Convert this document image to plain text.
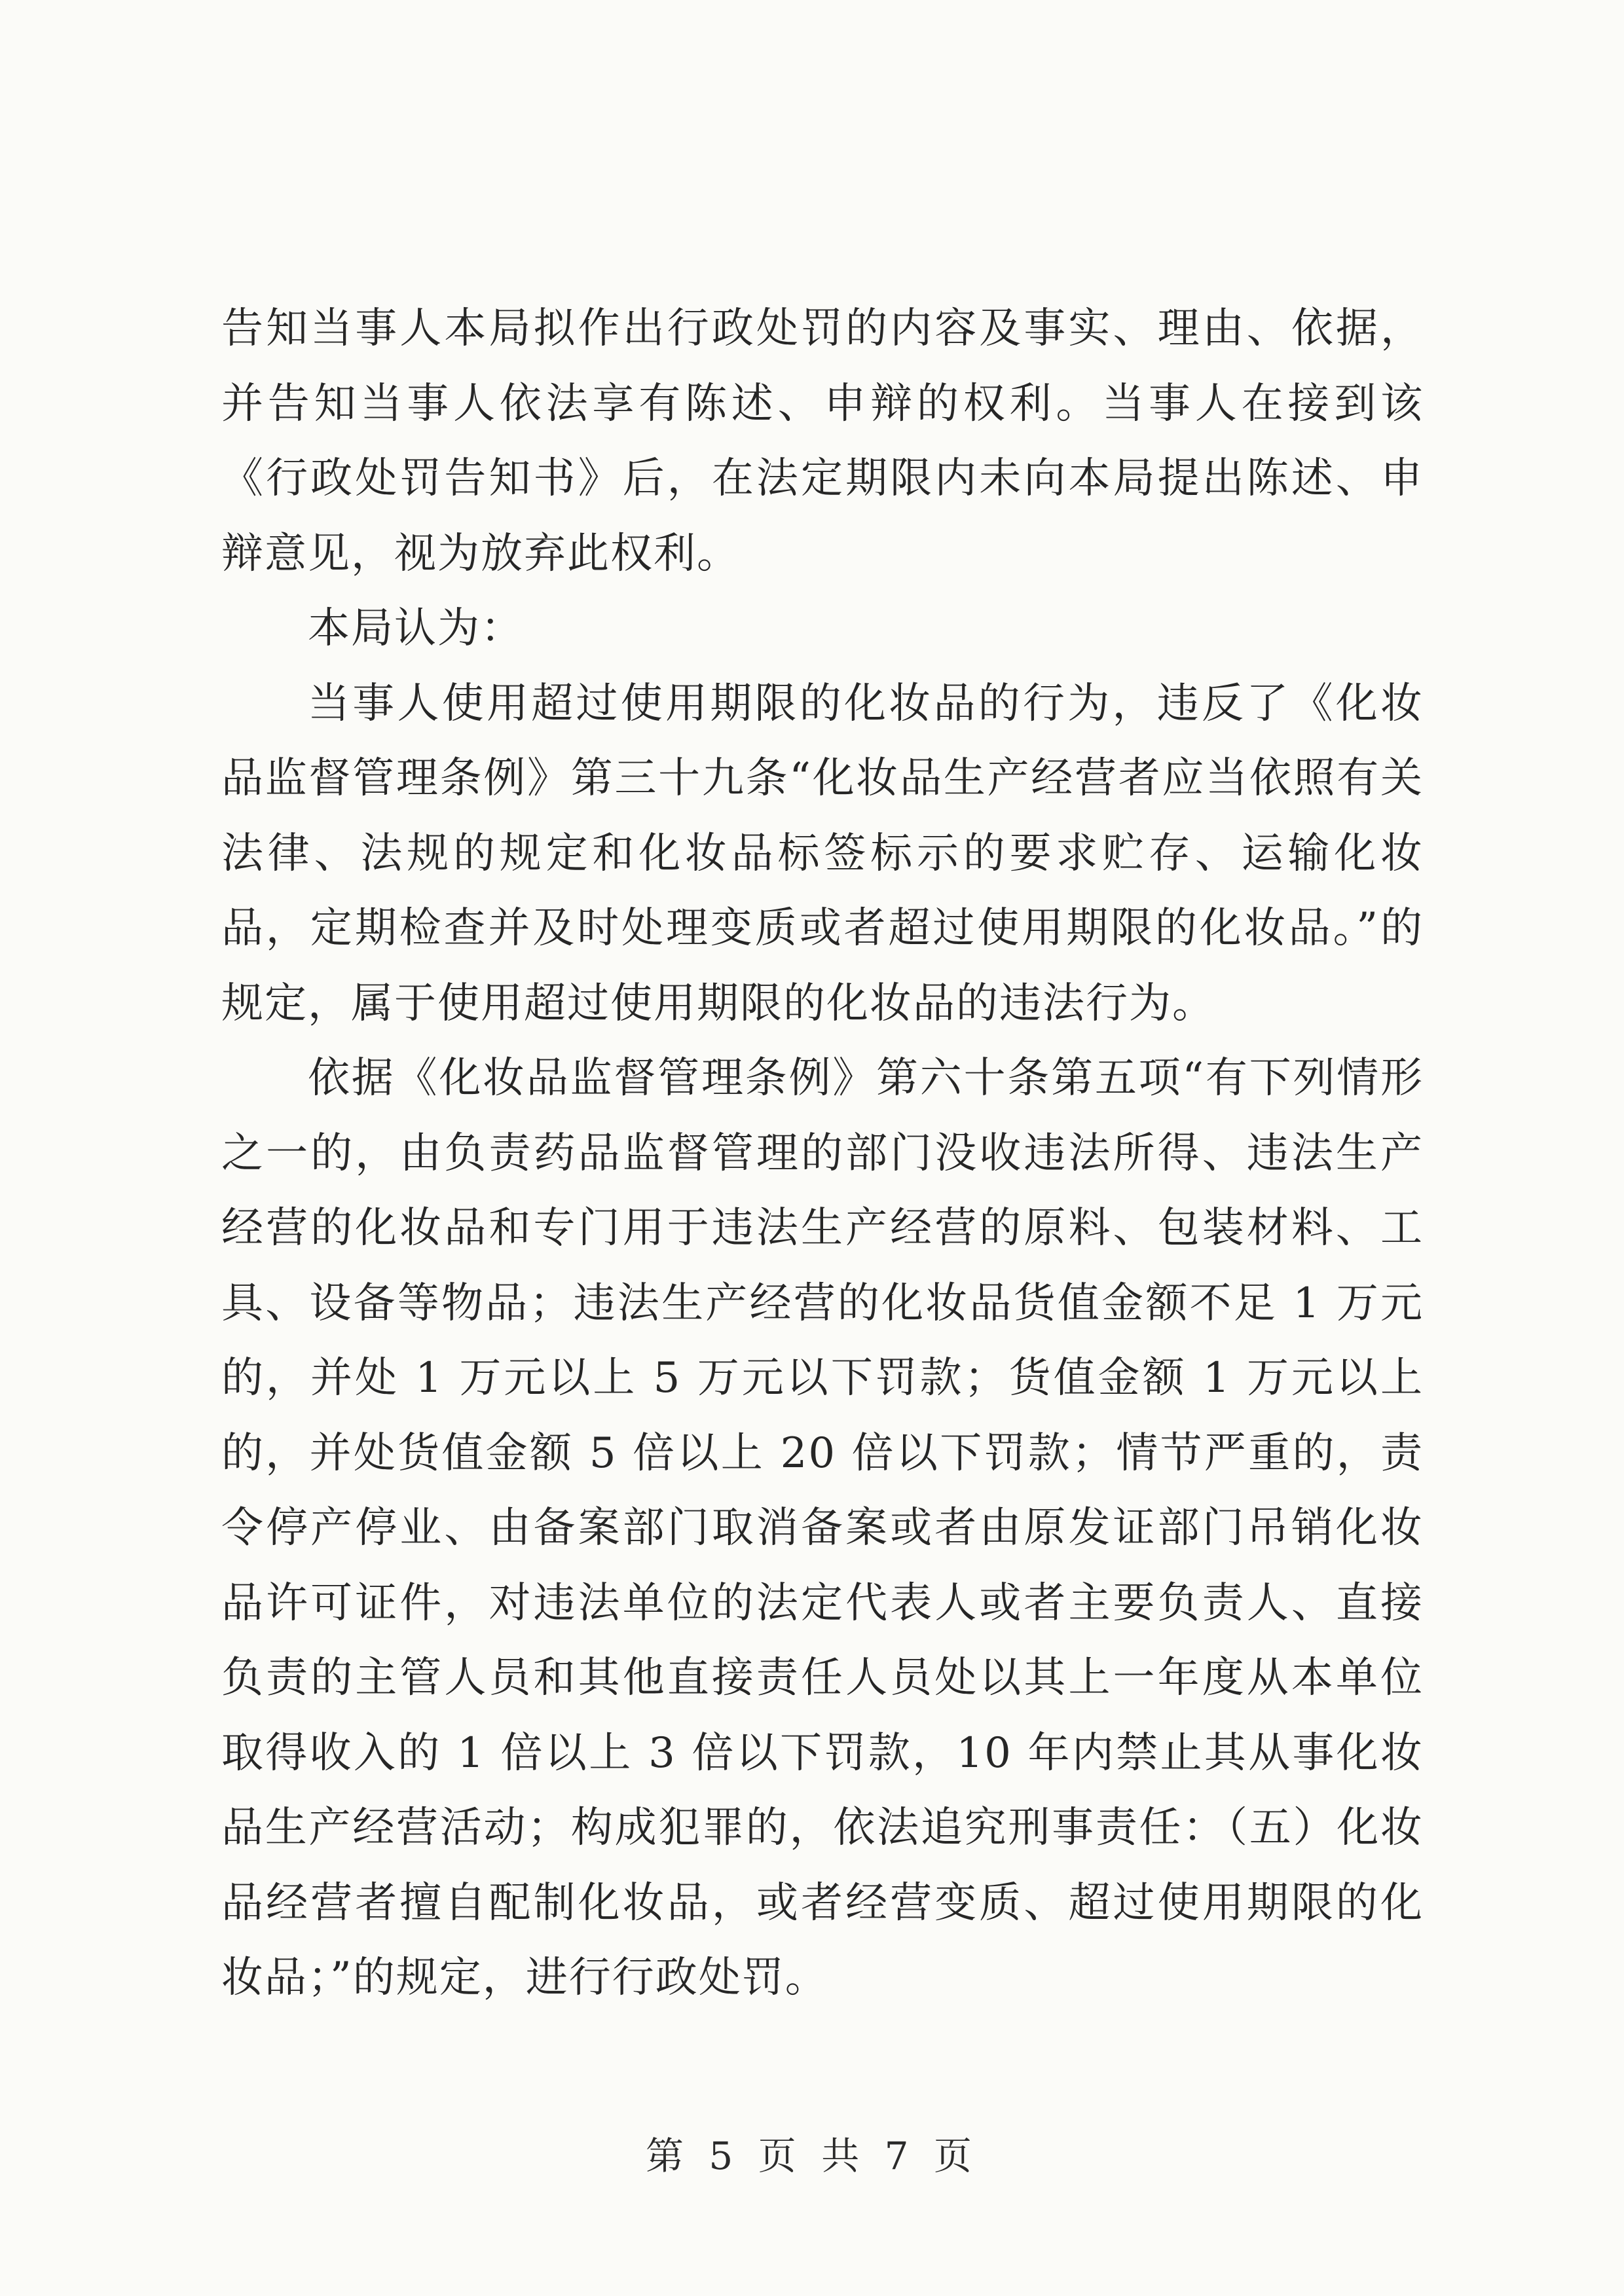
告知当事人本局拟作出行政处罚的内容及事实、理由、依据，并告知当事人依法享有陈述、申辩的权利。当事人在接到该《行政处罚告知书》后，在法定期限内未向本局提出陈述、申辩意见，视为放弃此权利。

本局认为：

当事人使用超过使用期限的化妆品的行为，违反了《化妆品监督管理条例》第三十九条“化妆品生产经营者应当依照有关法律、法规的规定和化妆品标签标示的要求贮存、运输化妆品，定期检查并及时处理变质或者超过使用期限的化妆品。”的规定，属于使用超过使用期限的化妆品的违法行为。

依据《化妆品监督管理条例》第六十条第五项“有下列情形之一的，由负责药品监督管理的部门没收违法所得、违法生产经营的化妆品和专门用于违法生产经营的原料、包装材料、工具、设备等物品；违法生产经营的化妆品货值金额不足 1 万元的，并处 1 万元以上 5 万元以下罚款；货值金额 1 万元以上的，并处货值金额 5 倍以上 20 倍以下罚款；情节严重的，责令停产停业、由备案部门取消备案或者由原发证部门吊销化妆品许可证件，对违法单位的法定代表人或者主要负责人、直接负责的主管人员和其他直接责任人员处以其上一年度从本单位取得收入的 1 倍以上 3 倍以下罚款，10 年内禁止其从事化妆品生产经营活动；构成犯罪的，依法追究刑事责任：（五）化妆品经营者擅自配制化妆品，或者经营变质、超过使用期限的化妆品；”的规定，进行行政处罚。

第 5 页 共 7 页
